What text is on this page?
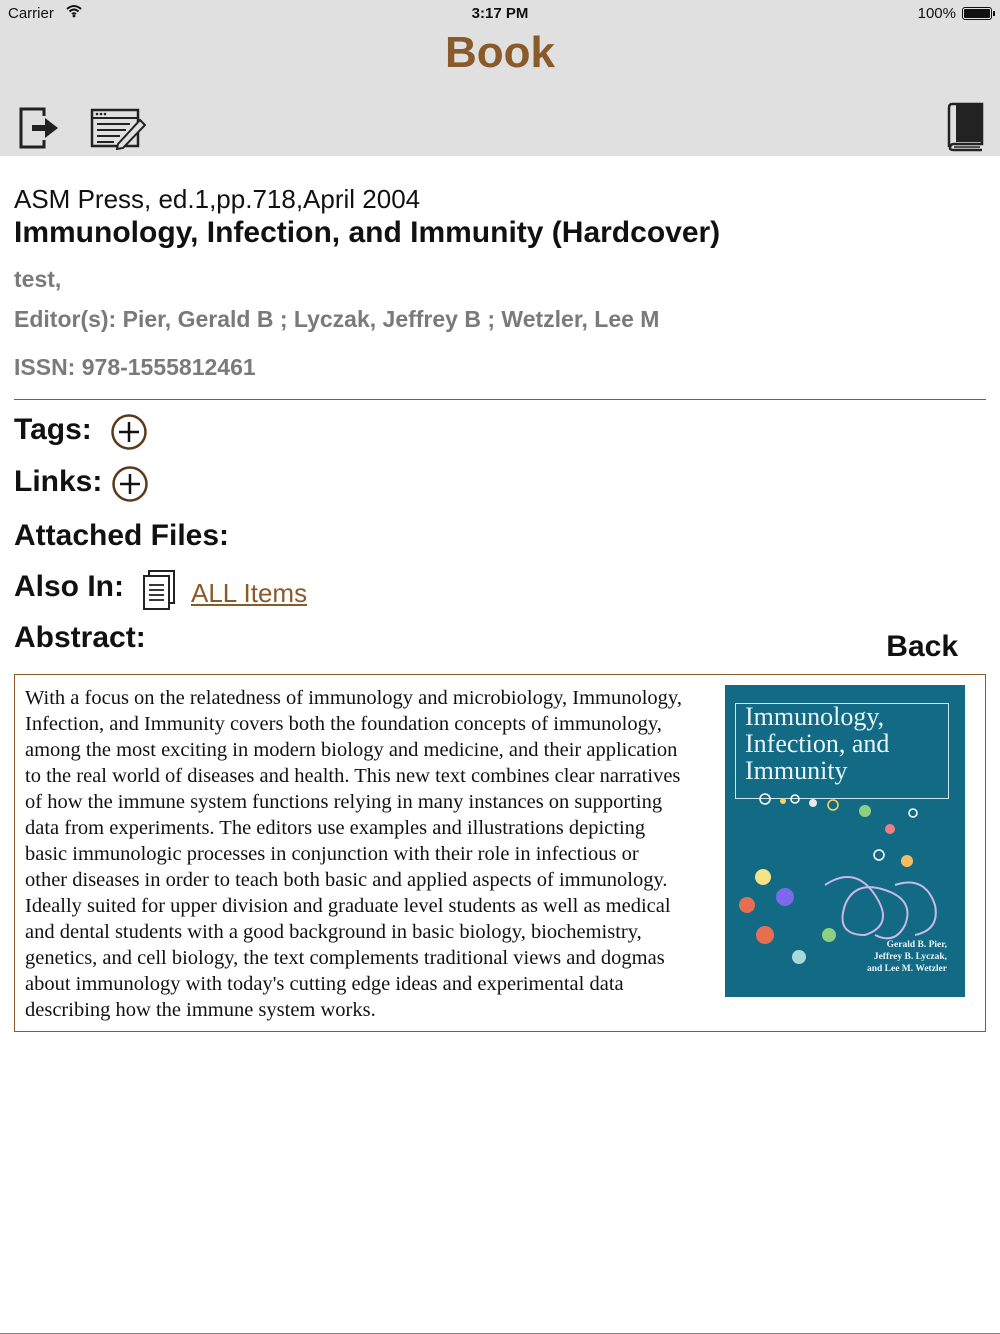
Carrier	3:17 PM	100%
Book
ASM Press, ed.1,pp.718,April 2004
Immunology, Infection, and Immunity (Hardcover)
test,
Editor(s): Pier, Gerald B ; Lyczak, Jeffrey B ; Wetzler, Lee M
ISSN: 978-1555812461
Tags:
Links:
Attached Files:
Also In:	ALL Items
Abstract:	Back
Immunology, Infection, and Immunity
Gerald B. Pier,
Jeffrey B. Lyczak,
and Lee M. Wetzler
With a focus on the relatedness of immunology and microbiology, Immunology, Infection, and Immunity covers both the foundation concepts of immunology, among the most exciting in modern biology and medicine, and their application to the real world of diseases and health. This new text combines clear narratives of how the immune system functions relying in many instances on supporting data from experiments. The editors use examples and illustrations depicting basic immunologic processes in conjunction with their role in infectious or other diseases in order to teach both basic and applied aspects of immunology. Ideally suited for upper division and graduate level students as well as medical and dental students with a good background in basic biology, biochemistry, genetics, and cell biology, the text complements traditional views and dogmas about immunology with today's cutting edge ideas and experimental data describing how the immune system works.
